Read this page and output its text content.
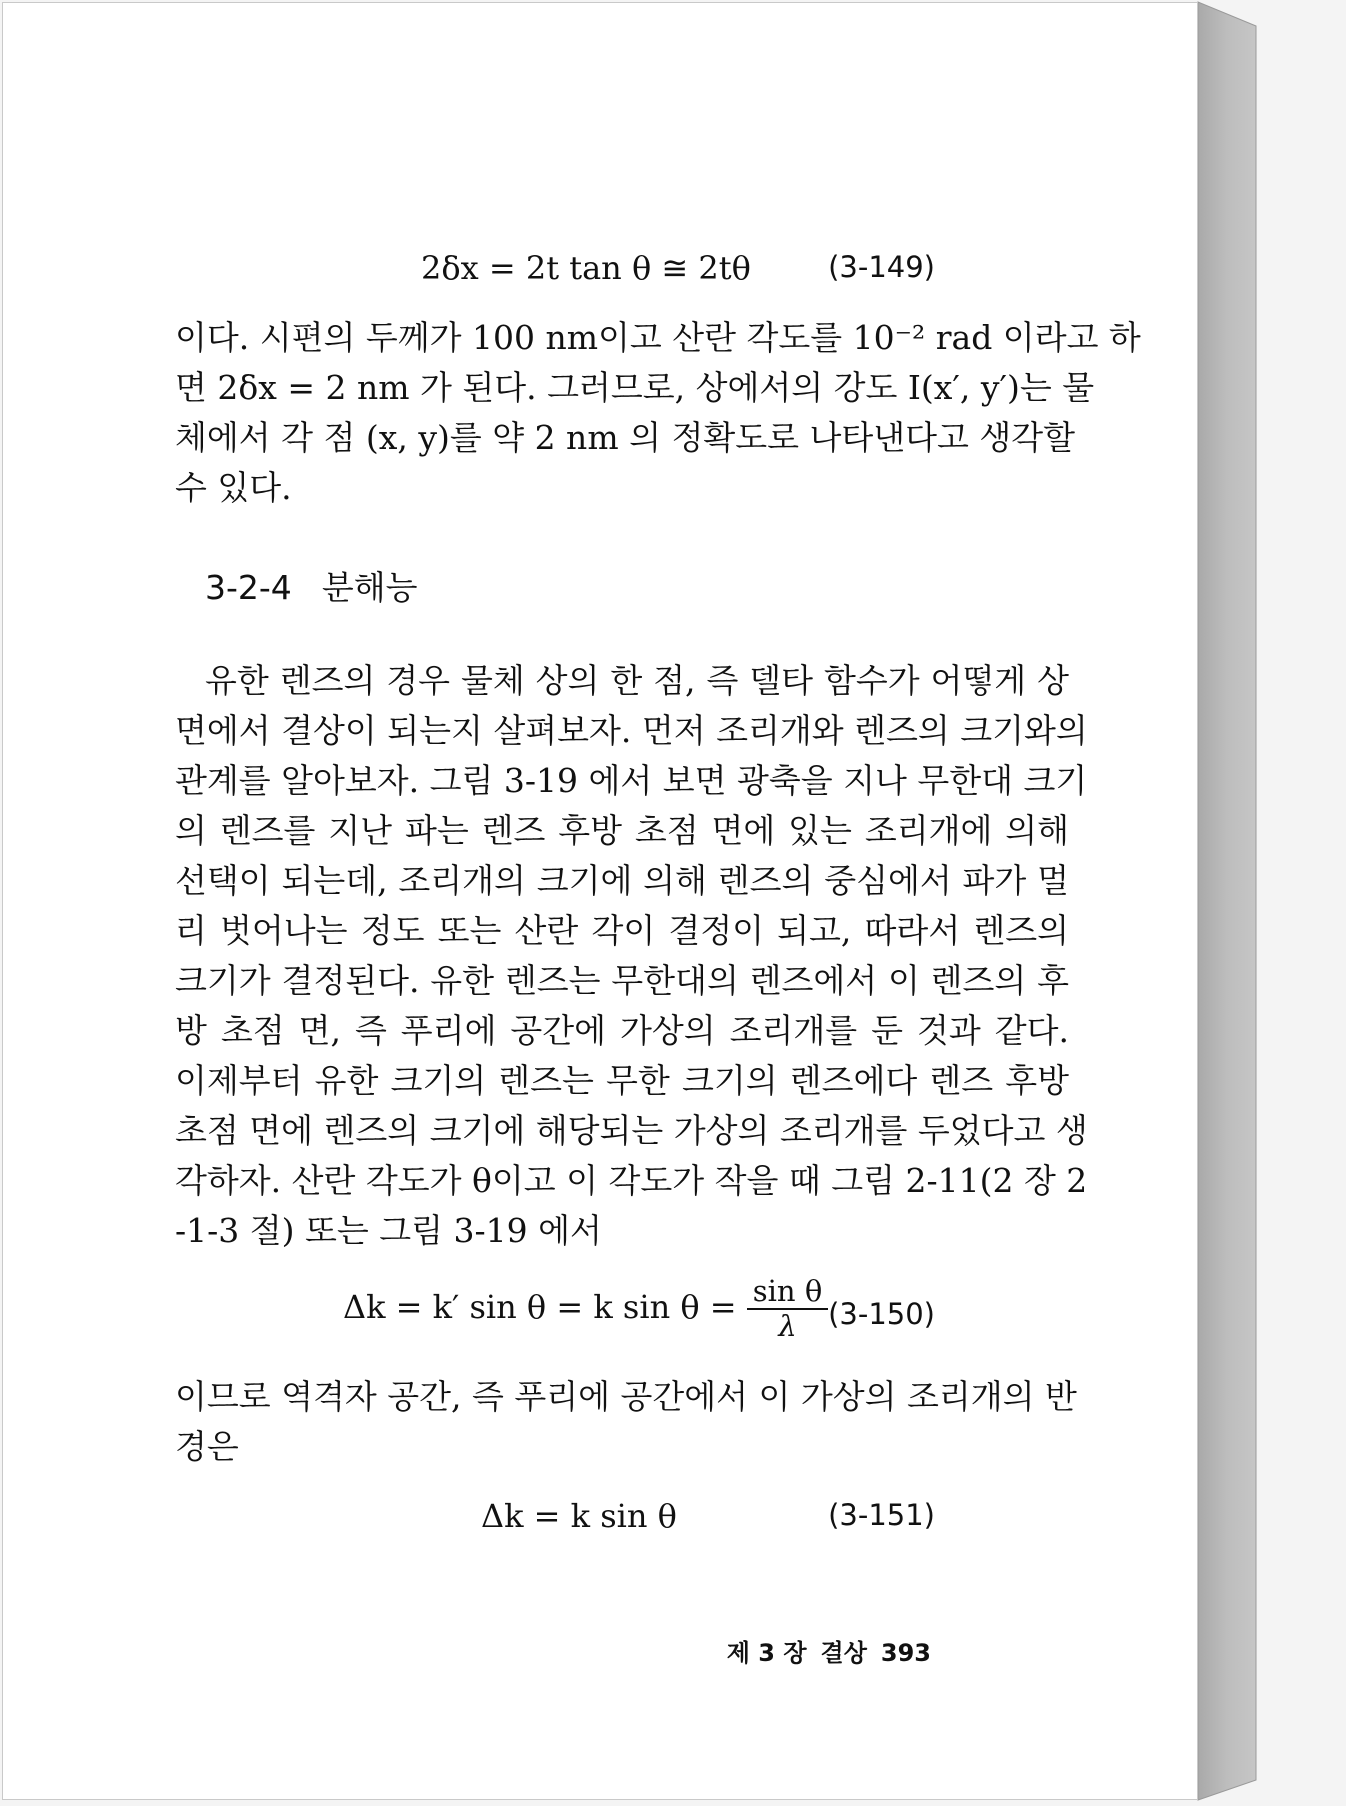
2δx = 2t tan θ ≅ 2tθ	(3-149)

이다. 시편의 두께가 100 nm이고 산란 각도를 10⁻² rad 이라고 하

면 2δx = 2 nm 가 된다. 그러므로, 상에서의 강도 I(x′, y′)는 물

체에서 각 점 (x, y)를 약 2 nm 의 정확도로 나타낸다고 생각할

수 있다.

3-2-4 분해능

유한 렌즈의 경우 물체 상의 한 점, 즉 델타 함수가 어떻게 상

면에서 결상이 되는지 살펴보자. 먼저 조리개와 렌즈의 크기와의

관계를 알아보자. 그림 3-19 에서 보면 광축을 지나 무한대 크기

의 렌즈를 지난 파는 렌즈 후방 초점 면에 있는 조리개에 의해

선택이 되는데, 조리개의 크기에 의해 렌즈의 중심에서 파가 멀

리 벗어나는 정도 또는 산란 각이 결정이 되고, 따라서 렌즈의

크기가 결정된다. 유한 렌즈는 무한대의 렌즈에서 이 렌즈의 후

방 초점 면, 즉 푸리에 공간에 가상의 조리개를 둔 것과 같다.

이제부터 유한 크기의 렌즈는 무한 크기의 렌즈에다 렌즈 후방

초점 면에 렌즈의 크기에 해당되는 가상의 조리개를 두었다고 생

각하자. 산란 각도가 θ이고 이 각도가 작을 때 그림 2-11(2 장 2

-1-3 절) 또는 그림 3-19 에서

Δk = k′ sin θ = k $\sin \theta = \frac{\text{sin θ}}{\lambda} (3-150)$

이므로 역격자 공간, 즉 푸리에 공간에서 이 가상의 조리개의 반

경은

Δk = k sin θ	(3-151)
제 3 장 결상 393
